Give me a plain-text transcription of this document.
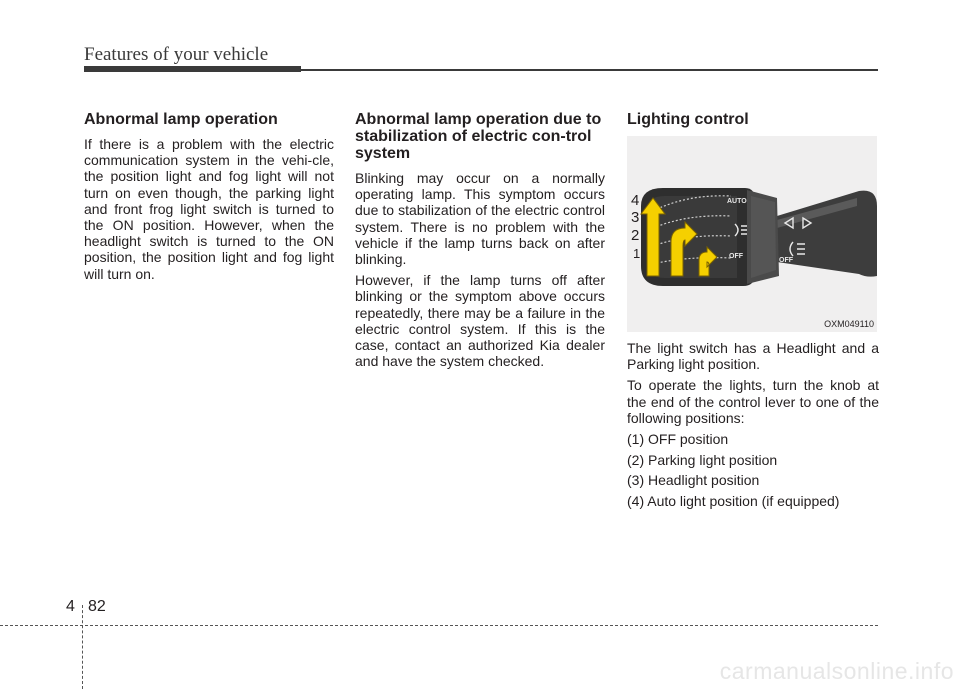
Features of your vehicle
Abnormal lamp operation

If there is a problem with the electric communication system in the vehi-cle, the position light and fog light will not turn on even though, the parking light and front frog light switch is turned to the ON position. However, when the headlight switch is turned to the ON position, the position light and fog light will turn on.

Abnormal lamp operation due to stabilization of electric con-trol system

Blinking may occur on a normally operating lamp. This symptom occurs due to stabilization of the electric control system. There is no problem with the vehicle if the lamp turns back on after blinking.

However, if the lamp turns off after blinking or the symptom above occurs repeatedly, there may be a failure in the electric control system. If this is the case, contact an authorized Kia dealer and have the system checked.

Lighting control
4
3
2
1
AUTO
OFF
OFF
OXM049110

The light switch has a Headlight and a Parking light position.

To operate the lights, turn the knob at the end of the control lever to one of the following positions:

(1) OFF position
(2) Parking light position
(3) Headlight position
(4) Auto light position (if equipped)
4 82
carmanualsonline.info
